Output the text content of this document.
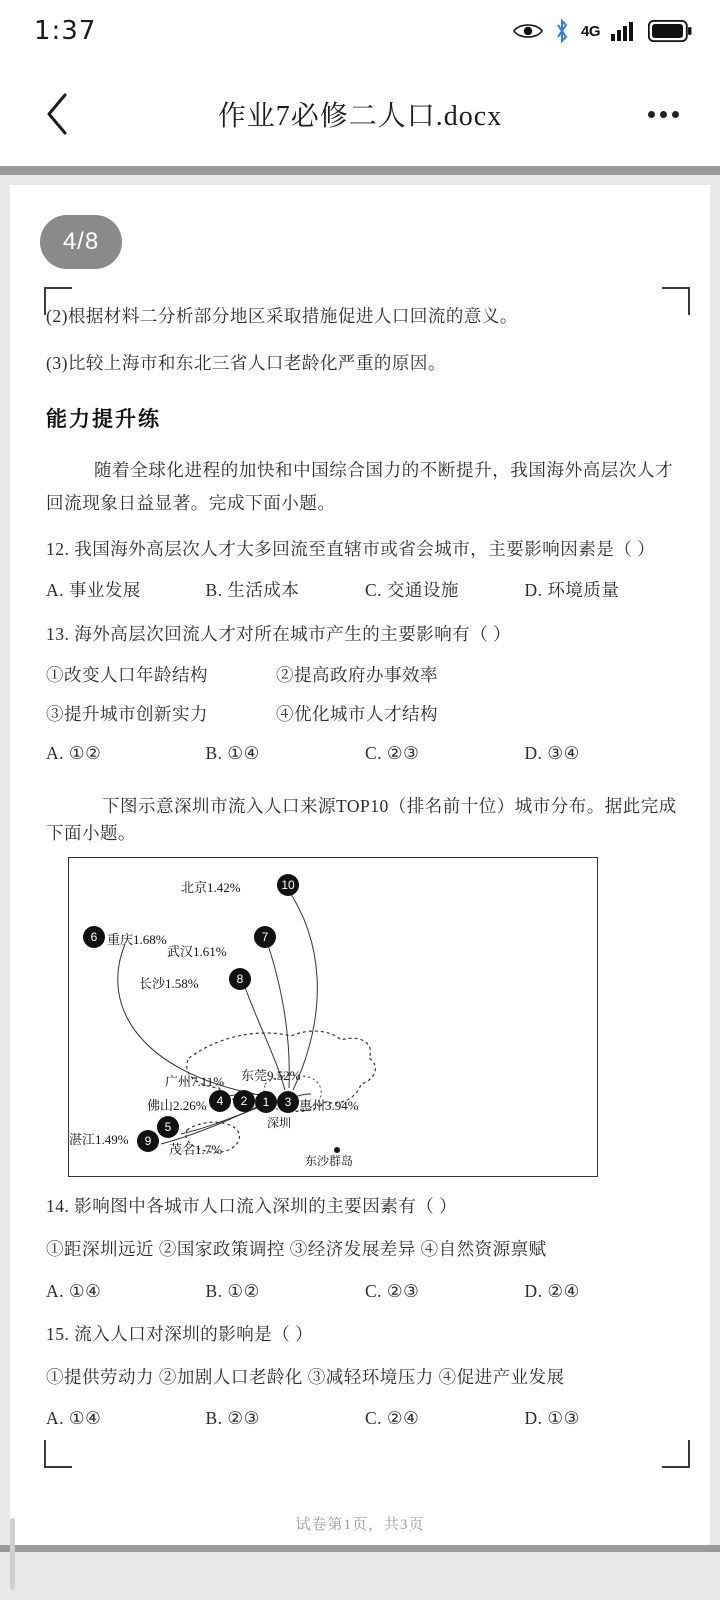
1:37	4G
作业7必修二人口.docx
4/8

(2)根据材料二分析部分地区采取措施促进人口回流的意义。

(3)比较上海市和东北三省人口老龄化严重的原因。

能力提升练

随着全球化进程的加快和中国综合国力的不断提升，我国海外高层次人才回流现象日益显著。完成下面小题。

12. 我国海外高层次人才大多回流至直辖市或省会城市，主要影响因素是（ ）

A. 事业发展	B. 生活成本	C. 交通设施	D. 环境质量

13. 海外高层次回流人才对所在城市产生的主要影响有（ ）

①改变人口年龄结构	②提高政府办事效率
③提升城市创新实力	④优化城市人才结构
A. ①②	B. ①④	C. ②③	D. ③④

下图示意深圳市流入人口来源TOP10（排名前十位）城市分布。据此完成下面小题。

北京1.42%	10
重庆1.68%
6
武汉1.61%
7
长沙1.58%	8
广州7.11%
4
佛山2.26%	2
东莞9.52%
1	惠州3.94%
3
湛江1.49%	9
茂名1.7%
5	深圳
东沙群岛

14. 影响图中各城市人口流入深圳的主要因素有（ ）

①距深圳远近 ②国家政策调控 ③经济发展差异 ④自然资源禀赋
A. ①④	B. ①②	C. ②③	D. ②④

15. 流入人口对深圳的影响是（ ）

①提供劳动力 ②加剧人口老龄化 ③减轻环境压力 ④促进产业发展
A. ①④	B. ②③	C. ②④	D. ①③
试卷第1页，共3页
